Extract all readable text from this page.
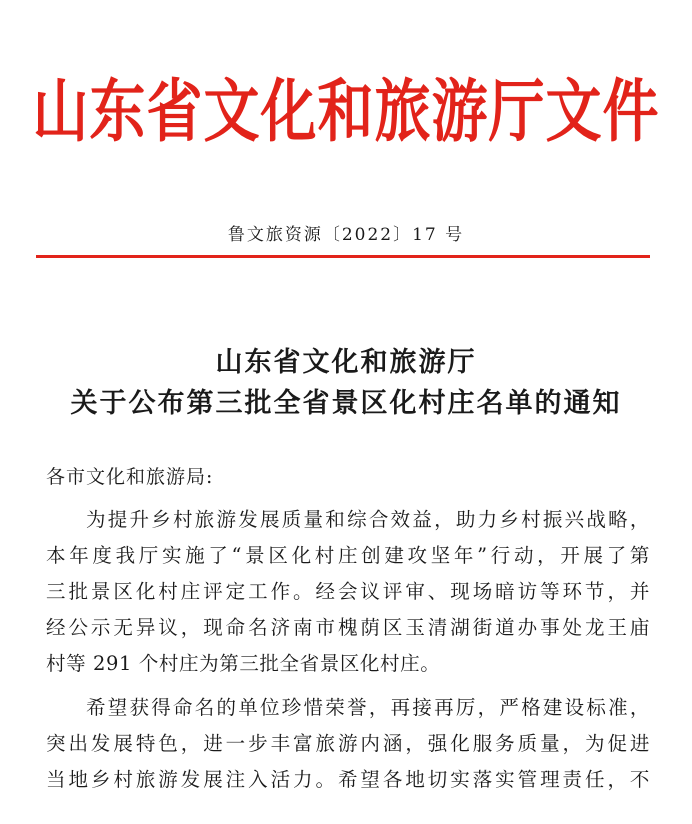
山东省文化和旅游厅文件
鲁文旅资源〔2022〕17 号
山东省文化和旅游厅
关于公布第三批全省景区化村庄名单的通知
各市文化和旅游局:
为提升乡村旅游发展质量和综合效益，助力乡村振兴战略，
本年度我厅实施了“景区化村庄创建攻坚年”行动，开展了第
三批景区化村庄评定工作。经会议评审、现场暗访等环节，并
经公示无异议，现命名济南市槐荫区玉清湖街道办事处龙王庙
村等 291 个村庄为第三批全省景区化村庄。
希望获得命名的单位珍惜荣誉，再接再厉，严格建设标准，
突出发展特色，进一步丰富旅游内涵，强化服务质量，为促进
当地乡村旅游发展注入活力。希望各地切实落实管理责任，不
